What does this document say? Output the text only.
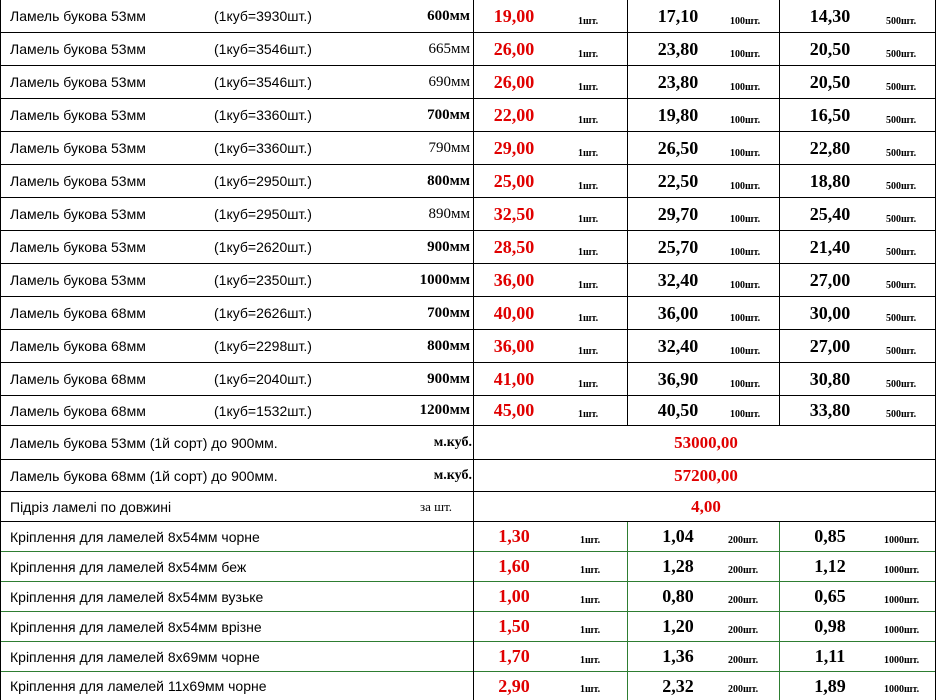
Ламель букова 53мм	(1куб=3930шт.)	600мм	19,00	1шт.	17,10	100шт.	14,30	500шт.
Ламель букова 53мм	(1куб=3546шт.)	665мм	26,00	1шт.	23,80	100шт.	20,50	500шт.
Ламель букова 53мм	(1куб=3546шт.)	690мм	26,00	1шт.	23,80	100шт.	20,50	500шт.
Ламель букова 53мм	(1куб=3360шт.)	700мм	22,00	1шт.	19,80	100шт.	16,50	500шт.
Ламель букова 53мм	(1куб=3360шт.)	790мм	29,00	1шт.	26,50	100шт.	22,80	500шт.
Ламель букова 53мм	(1куб=2950шт.)	800мм	25,00	1шт.	22,50	100шт.	18,80	500шт.
Ламель букова 53мм	(1куб=2950шт.)	890мм	32,50	1шт.	29,70	100шт.	25,40	500шт.
Ламель букова 53мм	(1куб=2620шт.)	900мм	28,50	1шт.	25,70	100шт.	21,40	500шт.
Ламель букова 53мм	(1куб=2350шт.)	1000мм	36,00	1шт.	32,40	100шт.	27,00	500шт.
Ламель букова 68мм	(1куб=2626шт.)	700мм	40,00	1шт.	36,00	100шт.	30,00	500шт.
Ламель букова 68мм	(1куб=2298шт.)	800мм	36,00	1шт.	32,40	100шт.	27,00	500шт.
Ламель букова 68мм	(1куб=2040шт.)	900мм	41,00	1шт.	36,90	100шт.	30,80	500шт.
Ламель букова 68мм	(1куб=1532шт.)	1200мм	45,00	1шт.	40,50	100шт.	33,80	500шт.
Ламель букова 53мм (1й сорт) до 900мм.	м.куб.	53000,00
Ламель букова 68мм (1й сорт) до 900мм.	м.куб.	57200,00
Підріз ламелі по довжині	за шт.	4,00
Кріплення для ламелей 8х54мм чорне	1,30	1шт.	1,04	200шт.	0,85	1000шт.
Кріплення для ламелей 8х54мм беж	1,60	1шт.	1,28	200шт.	1,12	1000шт.
Кріплення для ламелей 8х54мм вузьке	1,00	1шт.	0,80	200шт.	0,65	1000шт.
Кріплення для ламелей 8х54мм врізне	1,50	1шт.	1,20	200шт.	0,98	1000шт.
Кріплення для ламелей 8х69мм чорне	1,70	1шт.	1,36	200шт.	1,11	1000шт.
Кріплення для ламелей 11х69мм чорне	2,90	1шт.	2,32	200шт.	1,89	1000шт.
